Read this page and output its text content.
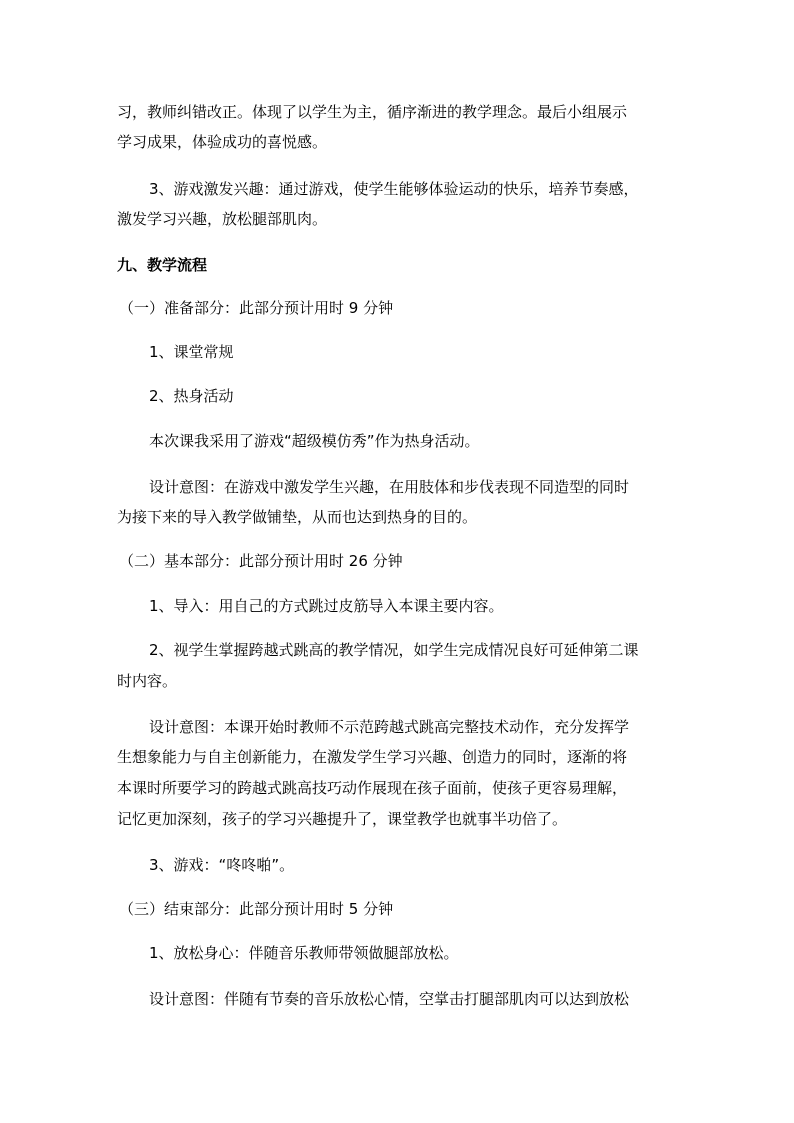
习，教师纠错改正。体现了以学生为主，循序渐进的教学理念。最后小组展示
学习成果，体验成功的喜悦感。
3、游戏激发兴趣：通过游戏，使学生能够体验运动的快乐，培养节奏感，
激发学习兴趣，放松腿部肌肉。
九、教学流程
（一）准备部分：此部分预计用时 9 分钟
1、课堂常规
2、热身活动
本次课我采用了游戏“超级模仿秀”作为热身活动。
设计意图：在游戏中激发学生兴趣，在用肢体和步伐表现不同造型的同时
为接下来的导入教学做铺垫，从而也达到热身的目的。
（二）基本部分：此部分预计用时 26 分钟
1、导入：用自己的方式跳过皮筋导入本课主要内容。
2、视学生掌握跨越式跳高的教学情况，如学生完成情况良好可延伸第二课
时内容。
设计意图：本课开始时教师不示范跨越式跳高完整技术动作，充分发挥学
生想象能力与自主创新能力，在激发学生学习兴趣、创造力的同时，逐渐的将
本课时所要学习的跨越式跳高技巧动作展现在孩子面前，使孩子更容易理解，
记忆更加深刻，孩子的学习兴趣提升了，课堂教学也就事半功倍了。
3、游戏：“咚咚啪”。
（三）结束部分：此部分预计用时 5 分钟
1、放松身心：伴随音乐教师带领做腿部放松。
设计意图：伴随有节奏的音乐放松心情，空掌击打腿部肌肉可以达到放松
